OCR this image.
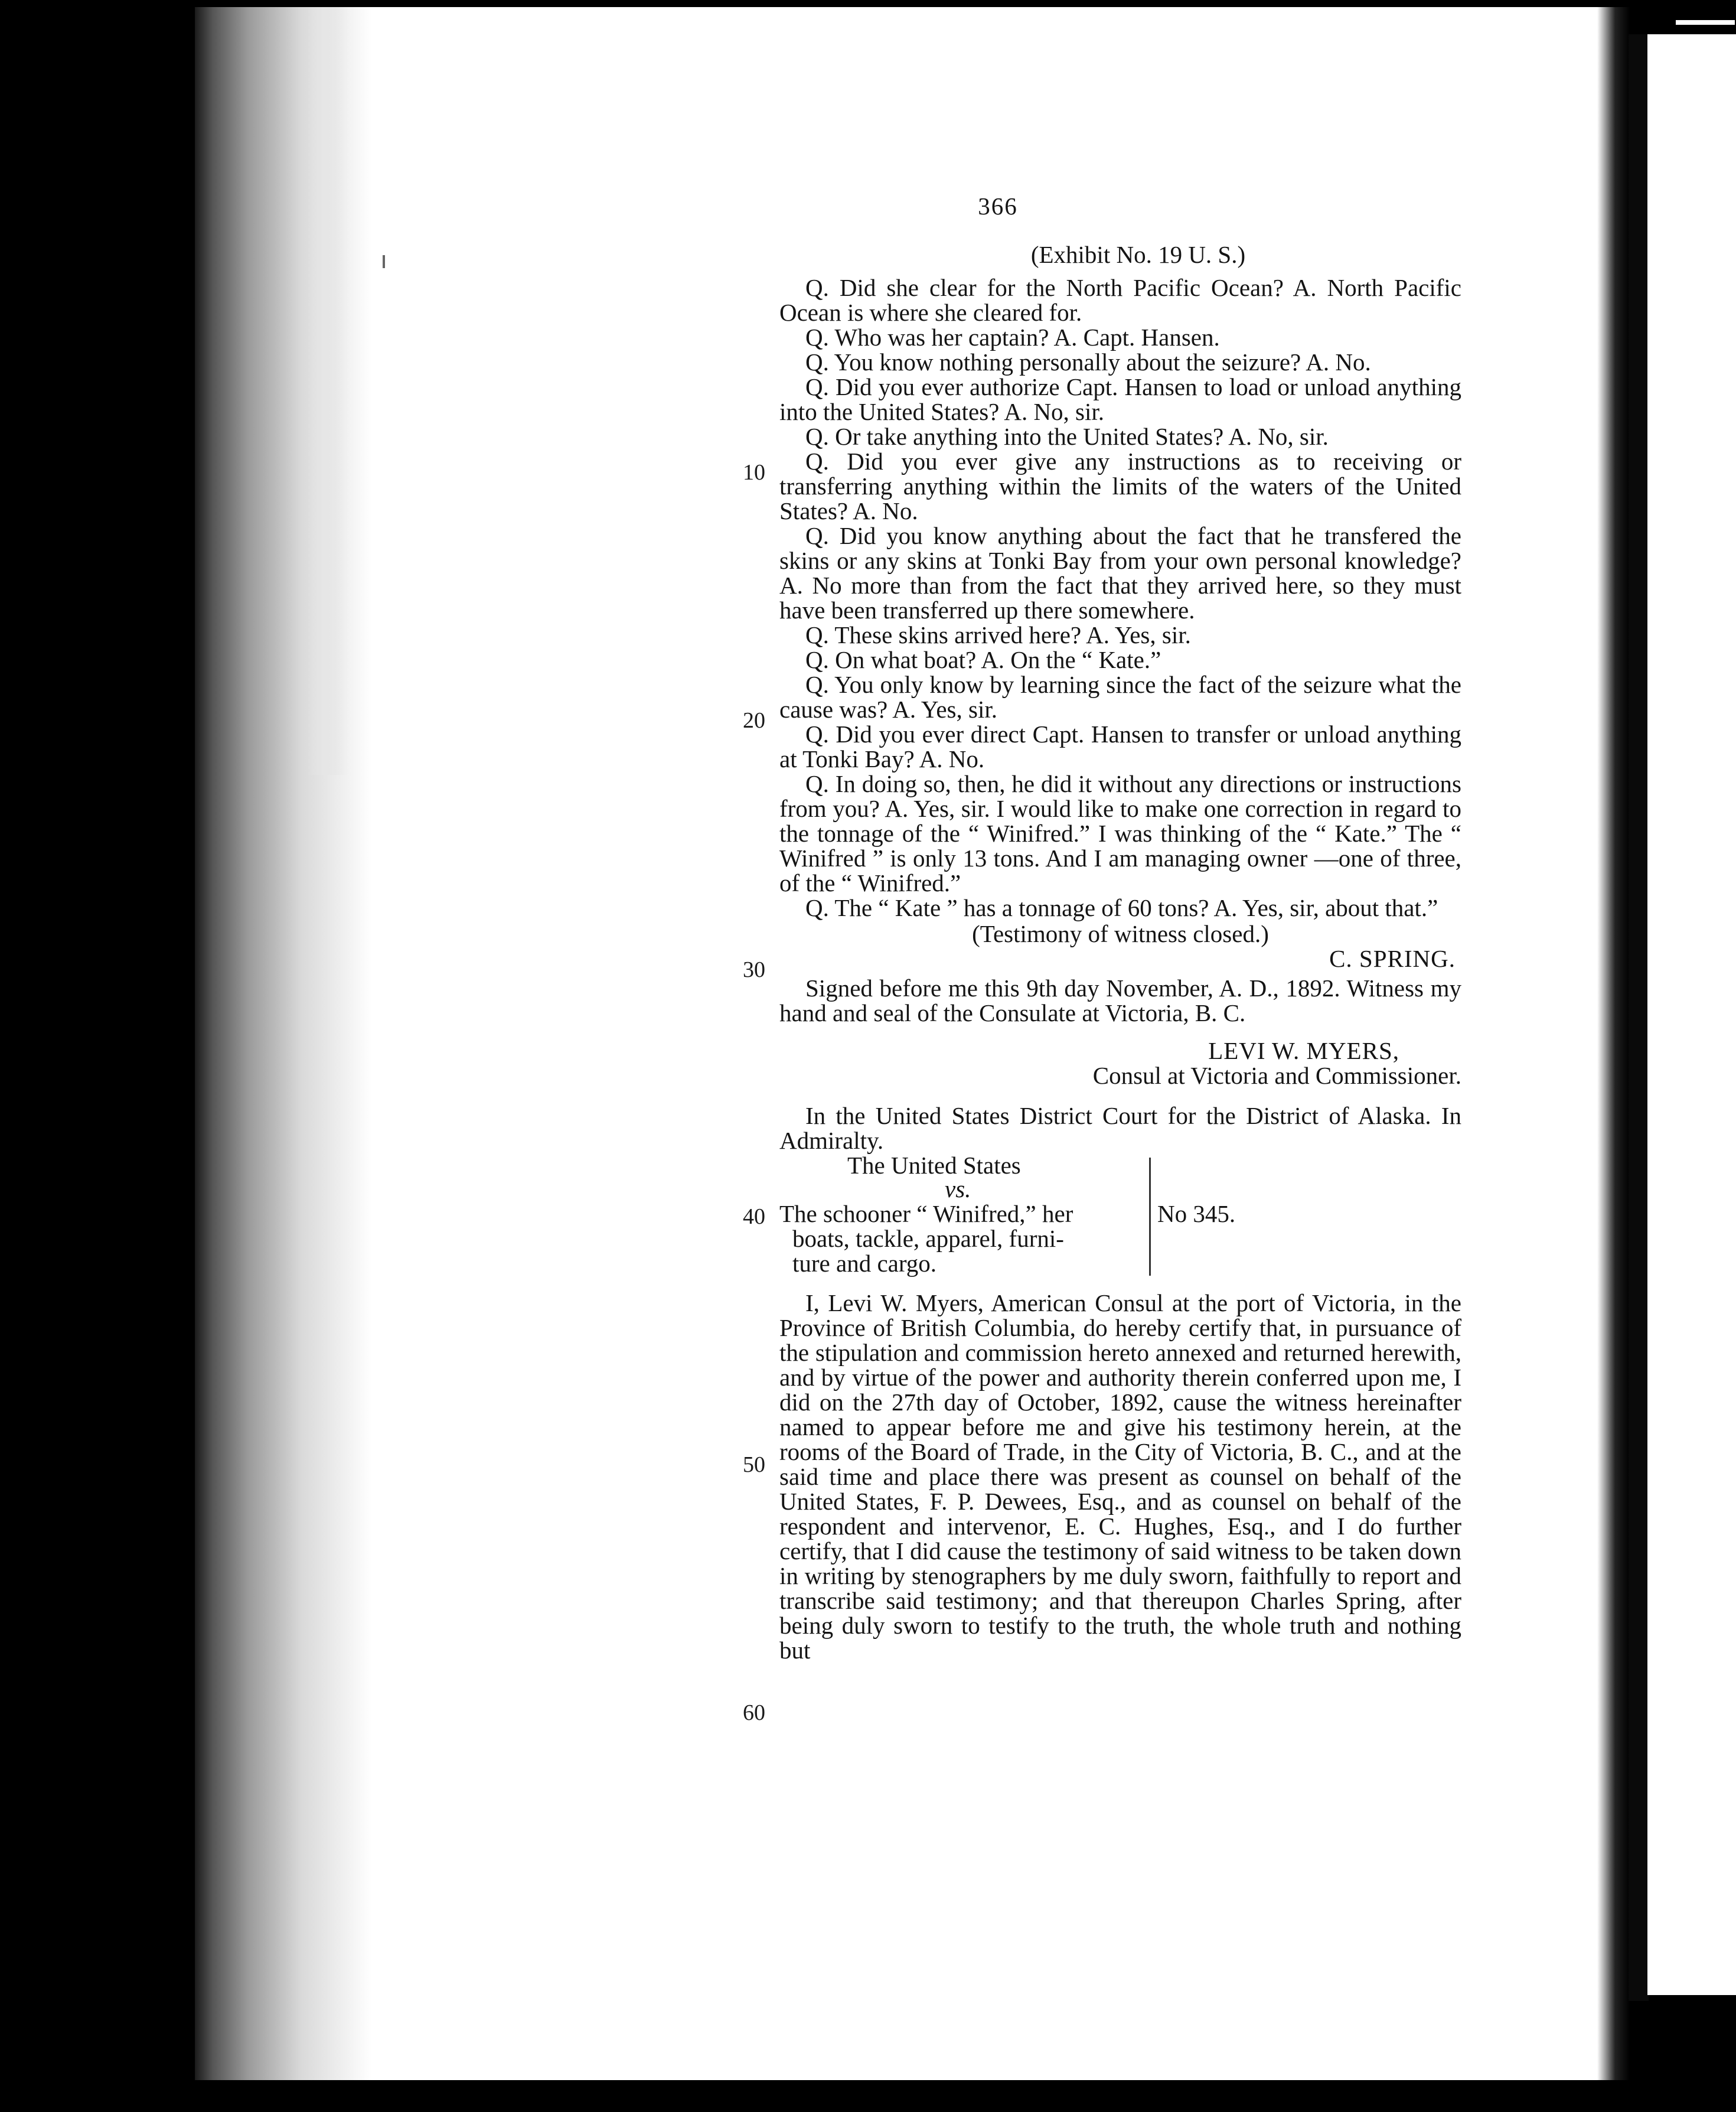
10
20
30
40
50
60
366
(Exhibit No. 19 U. S.)

Q. Did she clear for the North Pacific Ocean? A. North Pacific Ocean is where she cleared for.

Q. Who was her captain? A. Capt. Hansen.

Q. You know nothing personally about the seizure? A. No.

Q. Did you ever authorize Capt. Hansen to load or unload anything into the United States? A. No, sir.

Q. Or take anything into the United States? A. No, sir.

Q. Did you ever give any instructions as to receiving or transferring anything within the limits of the waters of the United States? A. No.

Q. Did you know anything about the fact that he transfered the skins or any skins at Tonki Bay from your own personal knowledge? A. No more than from the fact that they arrived here, so they must have been transferred up there somewhere.

Q. These skins arrived here? A. Yes, sir.

Q. On what boat? A. On the “ Kate.”

Q. You only know by learning since the fact of the seizure what the cause was? A. Yes, sir.

Q. Did you ever direct Capt. Hansen to transfer or unload anything at Tonki Bay? A. No.

Q. In doing so, then, he did it without any directions or instructions from you? A. Yes, sir. I would like to make one correction in regard to the tonnage of the “ Winifred.” I was thinking of the “ Kate.” The “ Winifred ” is only 13 tons. And I am managing owner —one of three, of the “ Winifred.”

Q. The “ Kate ” has a tonnage of 60 tons? A. Yes, sir, about that.”

(Testimony of witness closed.)
C. SPRING.

Signed before me this 9th day November, A. D., 1892. Witness my hand and seal of the Consulate at Victoria, B. C.

LEVI W. MYERS,
Consul at Victoria and Commissioner.

In the United States District Court for the District of Alaska. In Admiralty.

The United States
vs.
The schooner “ Winifred,” her
boats, tackle, apparel, furni-
ture and cargo.
No 345.

I, Levi W. Myers, American Consul at the port of Victoria, in the Province of British Columbia, do hereby certify that, in pursuance of the stipulation and commission hereto annexed and returned herewith, and by virtue of the power and authority therein conferred upon me, I did on the 27th day of October, 1892, cause the witness hereinafter named to appear before me and give his testimony herein, at the rooms of the Board of Trade, in the City of Victoria, B. C., and at the said time and place there was present as counsel on behalf of the United States, F. P. Dewees, Esq., and as counsel on behalf of the respondent and intervenor, E. C. Hughes, Esq., and I do further certify, that I did cause the testimony of said witness to be taken down in writing by stenographers by me duly sworn, faithfully to report and transcribe said testimony; and that thereupon Charles Spring, after being duly sworn to testify to the truth, the whole truth and nothing but
